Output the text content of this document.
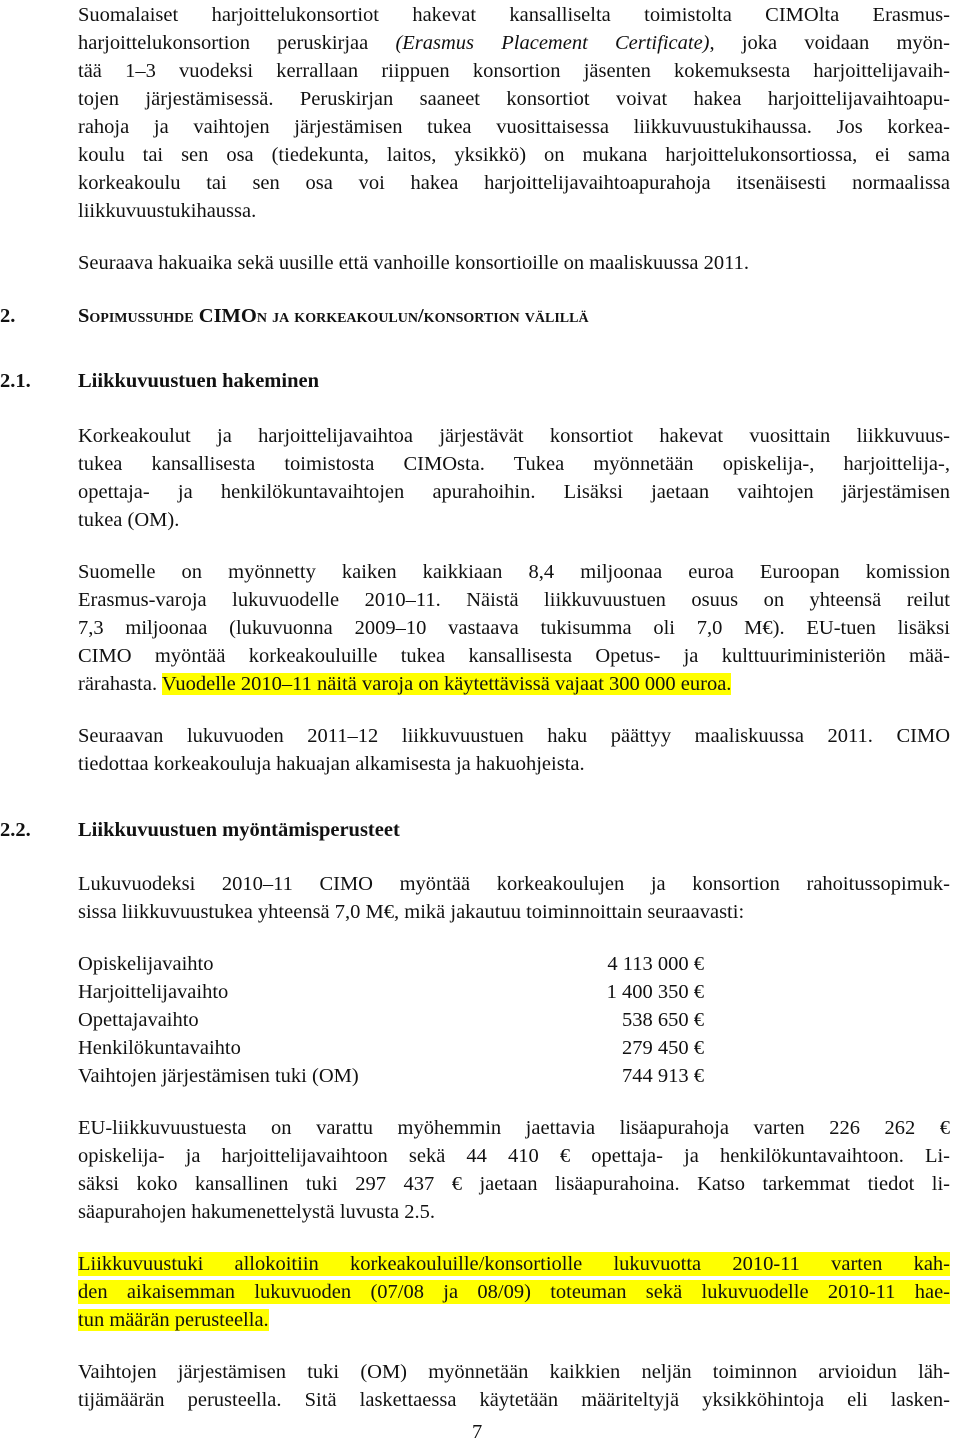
Suomalaiset harjoittelukonsortiot hakevat kansalliselta toimistolta CIMOlta Erasmus-
harjoittelukonsortion peruskirjaa (Erasmus Placement Certificate), joka voidaan myön-
tää 1–3 vuodeksi kerrallaan riippuen konsortion jäsenten kokemuksesta harjoittelijavaih-
tojen järjestämisessä. Peruskirjan saaneet konsortiot voivat hakea harjoittelijavaihtoapu-
rahoja ja vaihtojen järjestämisen tukea vuosittaisessa liikkuvuustukihaussa. Jos korkea-
koulu tai sen osa (tiedekunta, laitos, yksikkö) on mukana harjoittelukonsortiossa, ei sama
korkeakoulu tai sen osa voi hakea harjoittelijavaihtoapurahoja itsenäisesti normaalissa
liikkuvuustukihaussa.
Seuraava hakuaika sekä uusille että vanhoille konsortioille on maaliskuussa 2011.
2.	Sopimussuhde CIMOn ja korkeakoulun/konsortion välillä
2.1. Liikkuvuustuen hakeminen
Korkeakoulut ja harjoittelijavaihtoa järjestävät konsortiot hakevat vuosittain liikkuvuus-
tukea kansallisesta toimistosta CIMOsta. Tukea myönnetään opiskelija-, harjoittelija-,
opettaja- ja henkilökuntavaihtojen apurahoihin. Lisäksi jaetaan vaihtojen järjestämisen
tukea (OM).
Suomelle on myönnetty kaiken kaikkiaan 8,4 miljoonaa euroa Euroopan komission
Erasmus-varoja lukuvuodelle 2010–11. Näistä liikkuvuustuen osuus on yhteensä reilut
7,3 miljoonaa (lukuvuonna 2009–10 vastaava tukisumma oli 7,0 M€). EU-tuen lisäksi
CIMO myöntää korkeakouluille tukea kansallisesta Opetus- ja kulttuuriministeriön mää-
rärahasta. Vuodelle 2010–11 näitä varoja on käytettävissä vajaat 300 000 euroa.
Seuraavan lukuvuoden 2011–12 liikkuvuustuen haku päättyy maaliskuussa 2011. CIMO
tiedottaa korkeakouluja hakuajan alkamisesta ja hakuohjeista.
2.2. Liikkuvuustuen myöntämisperusteet
Lukuvuodeksi 2010–11 CIMO myöntää korkeakoulujen ja konsortion rahoitussopimuk-
sissa liikkuvuustukea yhteensä 7,0 M€, mikä jakautuu toiminnoittain seuraavasti:
Opiskelijavaihto	4 113 000 €
Harjoittelijavaihto	1 400 350 €
Opettajavaihto	538 650 €
Henkilökuntavaihto	279 450 €
Vaihtojen järjestämisen tuki (OM)	744 913 €
EU-liikkuvuustuesta on varattu myöhemmin jaettavia lisäapurahoja varten 226 262 €
opiskelija- ja harjoittelijavaihtoon sekä 44 410 € opettaja- ja henkilökuntavaihtoon. Li-
säksi koko kansallinen tuki 297 437 € jaetaan lisäapurahoina. Katso tarkemmat tiedot li-
säapurahojen hakumenettelystä luvusta 2.5.
Liikkuvuustuki allokoitiin korkeakouluille/konsortiolle lukuvuotta 2010-11 varten kah-
den aikaisemman lukuvuoden (07/08 ja 08/09) toteuman sekä lukuvuodelle 2010-11 hae-
tun määrän perusteella.
Vaihtojen järjestämisen tuki (OM) myönnetään kaikkien neljän toiminnon arvioidun läh-
tijämäärän perusteella. Sitä laskettaessa käytetään määriteltyjä yksikköhintoja eli lasken-
7
